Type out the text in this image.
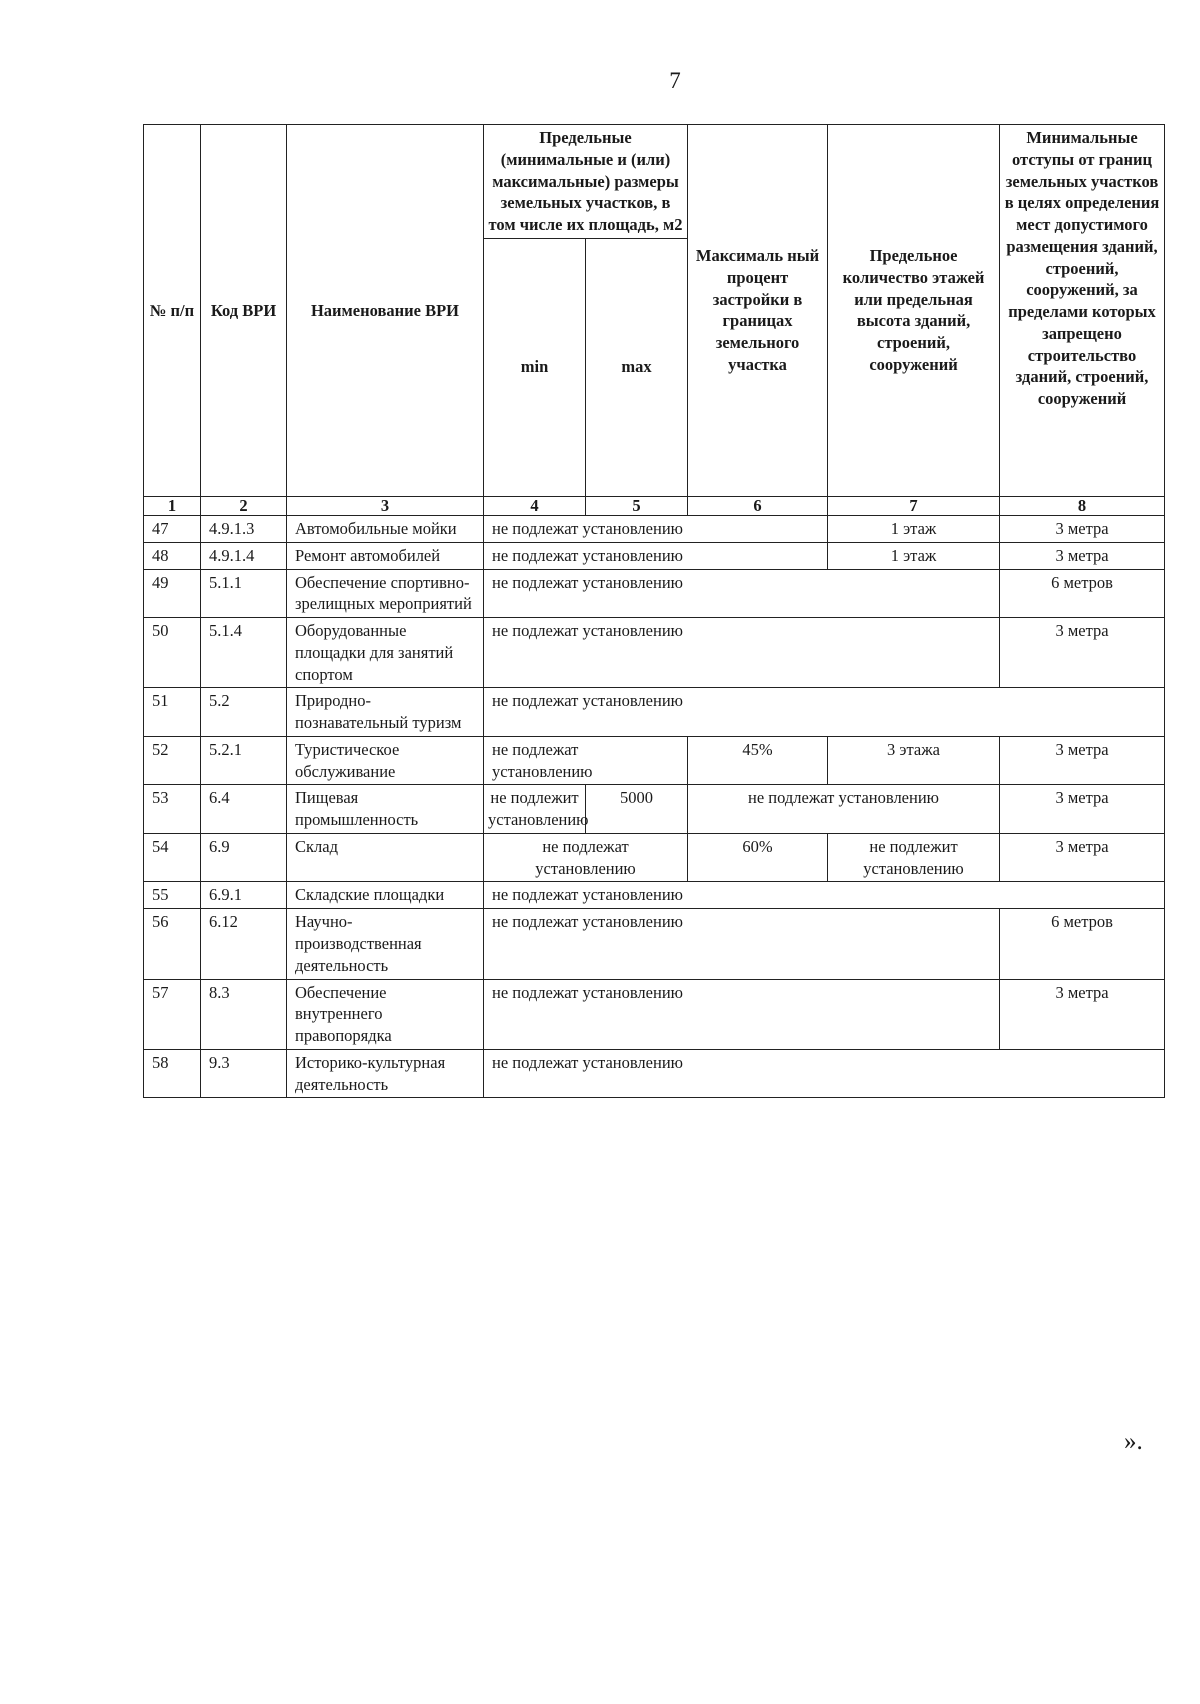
7
№ п/п	Код ВРИ	Наименование ВРИ	Предельные (минимальные и (или) максимальные) размеры земельных участков, в том числе их площадь, м2		Максималь ный процент застройки в границах земельного участка	Предельное количество этажей или предельная высота зданий, строений, сооружений	Минимальные отступы от границ земельных участков в целях определения мест допустимого размещения зданий, строений, сооружений, за пределами которых запрещено строительство зданий, строений, сооружений
			min	max			
1	2	3	4	5	6	7	8
47	4.9.1.3	Автомобильные мойки	не подлежат установлению			1 этаж	3 метра
48	4.9.1.4	Ремонт автомобилей	не подлежат установлению			1 этаж	3 метра
49	5.1.1	Обеспечение спортивно-зрелищных мероприятий	не подлежат установлению				6 метров
50	5.1.4	Оборудованные площадки для занятий спортом	не подлежат установлению				3 метра
51	5.2	Природно-познавательный туризм	не подлежат установлению				
52	5.2.1	Туристическое обслуживание	не подлежат установлению		45%	3 этажа	3 метра
53	6.4	Пищевая промышленность	не подлежит установлению	5000	не подлежат установлению		3 метра
54	6.9	Склад	не подлежат установлению		60%	не подлежит установлению	3 метра
55	6.9.1	Складские площадки	не подлежат установлению				
56	6.12	Научно-производственная деятельность	не подлежат установлению				6 метров
57	8.3	Обеспечение внутреннего правопорядка	не подлежат установлению				3 метра
58	9.3	Историко-культурная деятельность	не подлежат установлению				
».
